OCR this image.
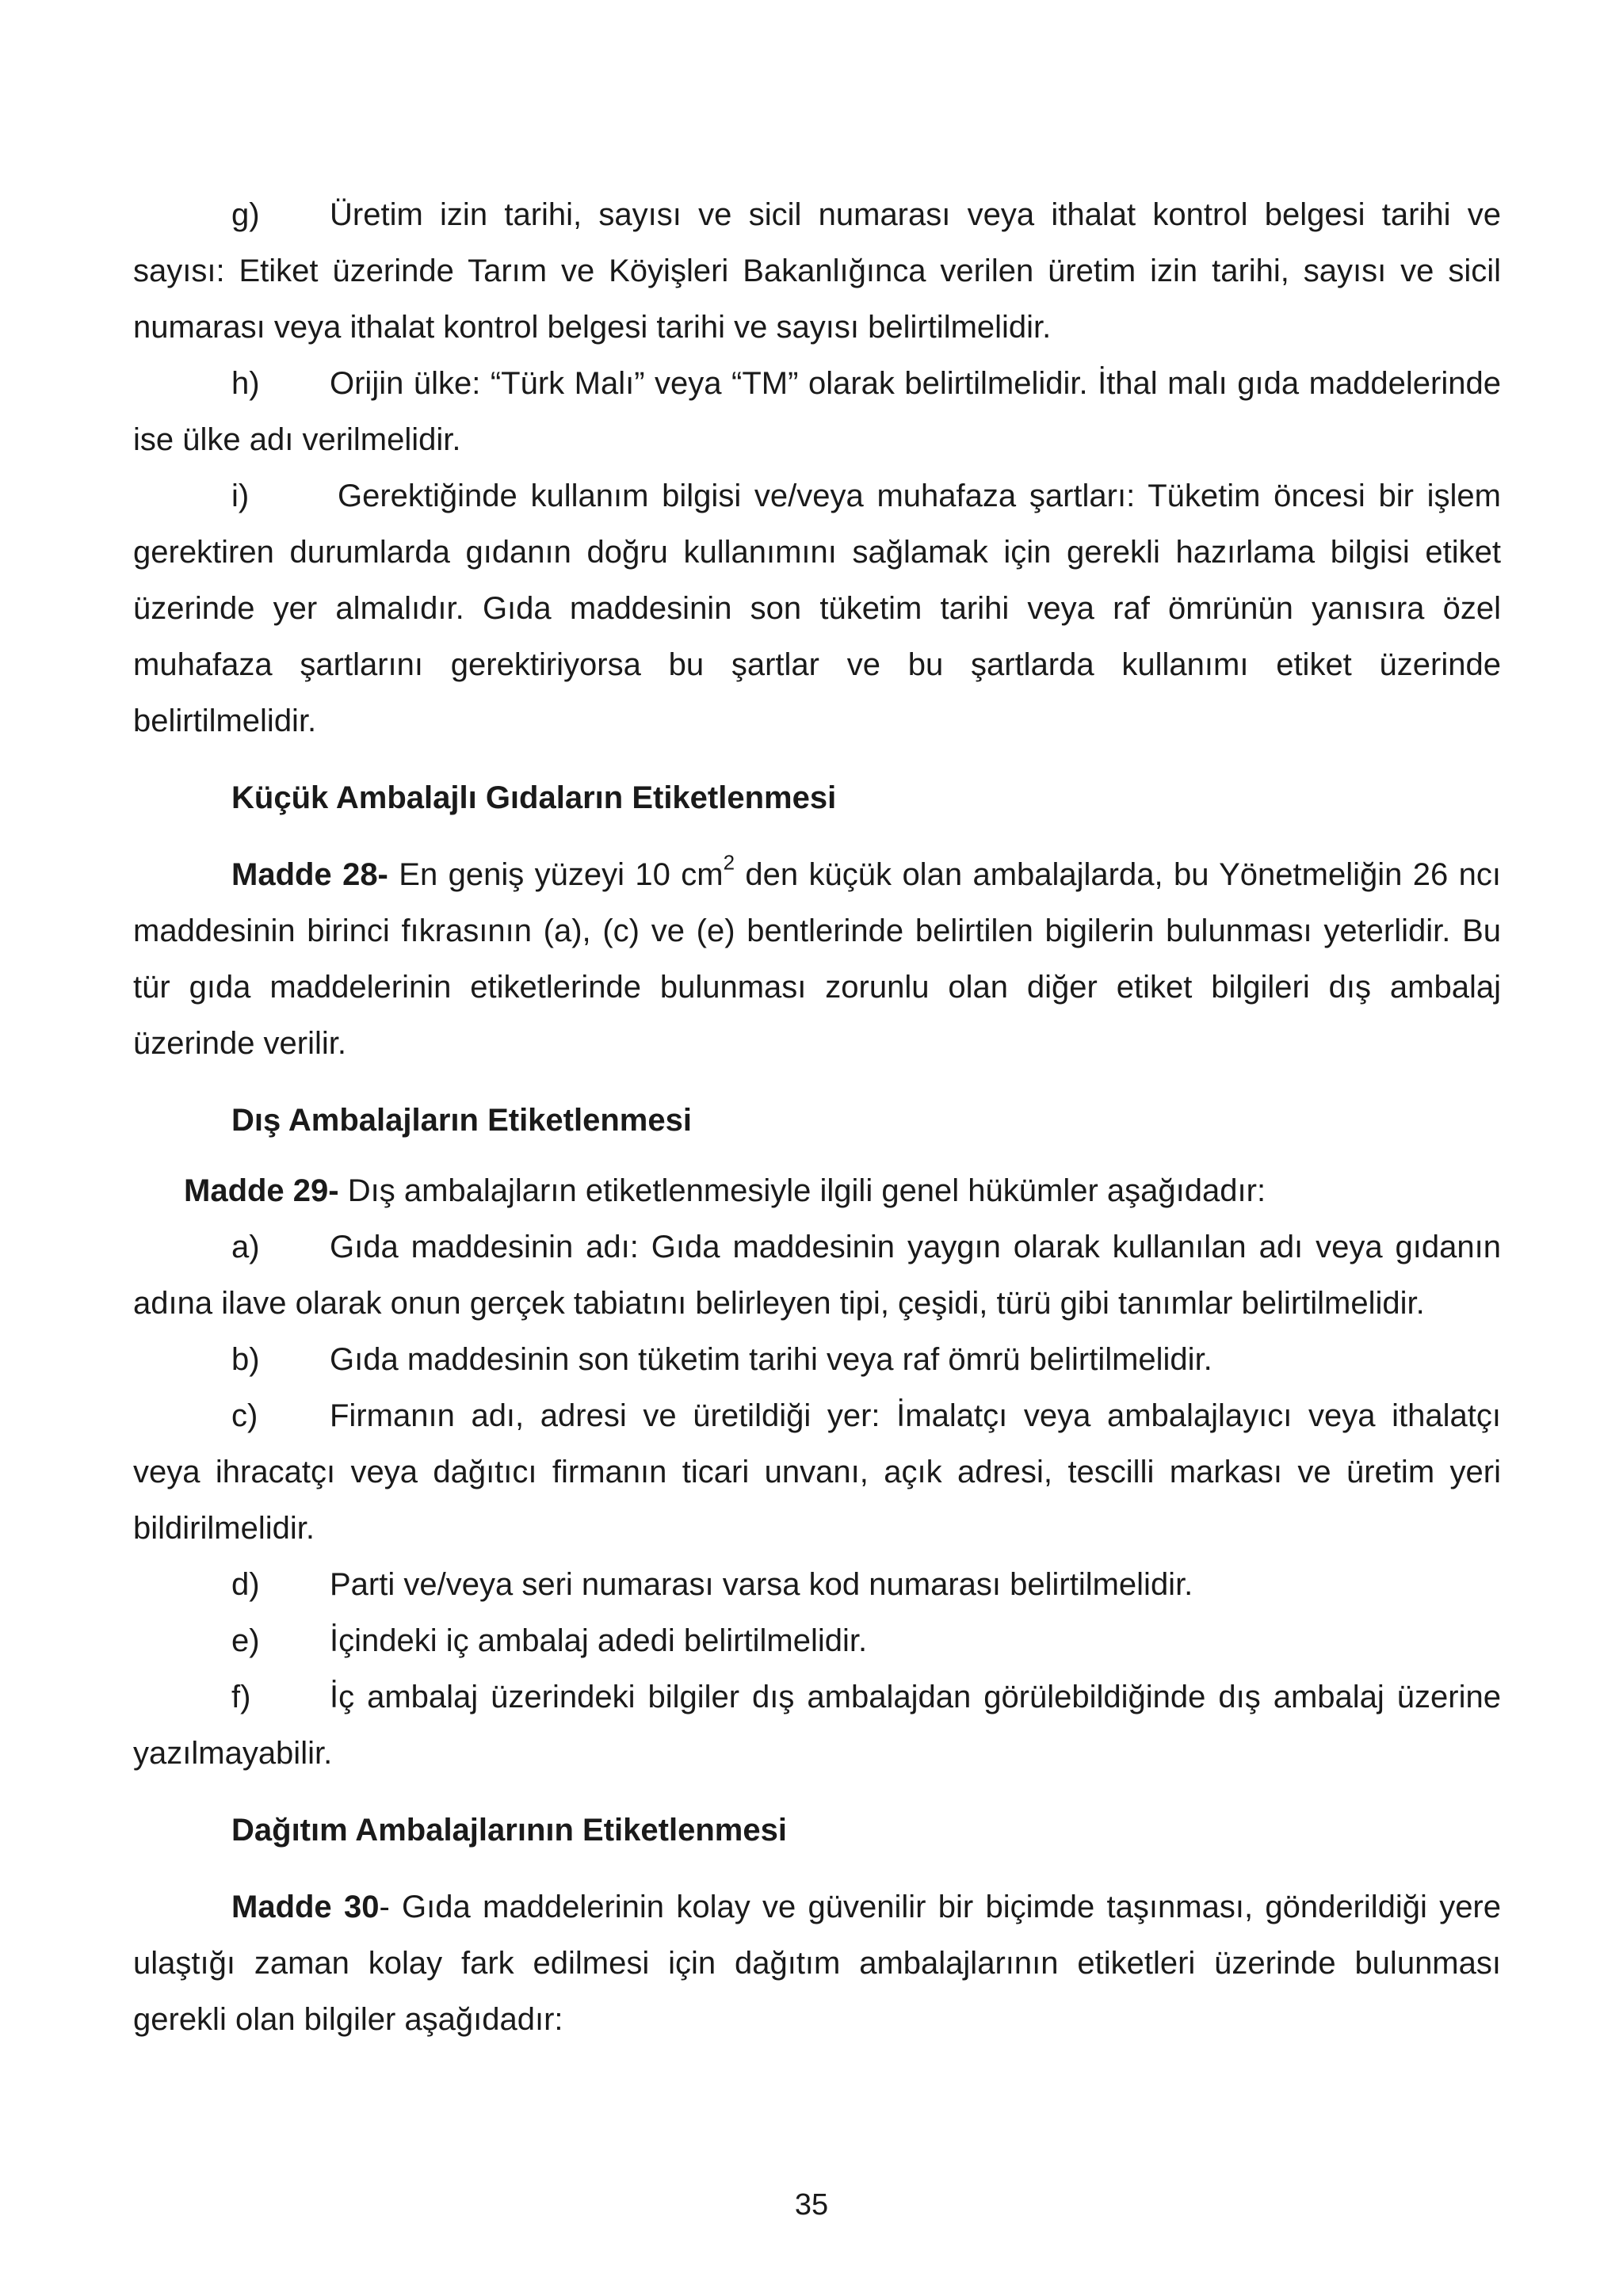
g) Üretim izin tarihi, sayısı ve sicil numarası veya ithalat kontrol belgesi tarihi ve sayısı: Etiket üzerinde Tarım ve Köyişleri Bakanlığınca verilen üretim izin tarihi, sayısı ve sicil numarası veya ithalat kontrol belgesi tarihi ve sayısı belirtilmelidir.

h) Orijin ülke: “Türk Malı” veya “TM” olarak belirtilmelidir. İthal malı gıda maddelerinde ise ülke adı verilmelidir.

i)	Gerektiğinde kullanım bilgisi ve/veya muhafaza şartları: Tüketim öncesi bir işlem gerektiren durumlarda gıdanın doğru kullanımını sağlamak için gerekli hazırlama bilgisi etiket üzerinde yer almalıdır. Gıda maddesinin son tüketim tarihi veya raf ömrünün yanısıra özel muhafaza şartlarını gerektiriyorsa bu şartlar ve bu şartlarda kullanımı etiket üzerinde belirtilmelidir.

Küçük Ambalajlı Gıdaların Etiketlenmesi

Madde 28- En geniş yüzeyi 10 $cm^2$ den küçük olan ambalajlarda, bu Yönetmeliğin 26 ncı maddesinin birinci fıkrasının (a), (c) ve (e) bentlerinde belirtilen bigilerin bulunması yeterlidir. Bu tür gıda maddelerinin etiketlerinde bulunması zorunlu olan diğer etiket bilgileri dış ambalaj üzerinde verilir.

Dış Ambalajların Etiketlenmesi

Madde 29- Dış ambalajların etiketlenmesiyle ilgili genel hükümler aşağıdadır:

a) Gıda maddesinin adı: Gıda maddesinin yaygın olarak kullanılan adı veya gıdanın adına ilave olarak onun gerçek tabiatını belirleyen tipi, çeşidi, türü gibi tanımlar belirtilmelidir.

b) Gıda maddesinin son tüketim tarihi veya raf ömrü belirtilmelidir.

c) Firmanın adı, adresi ve üretildiği yer: İmalatçı veya ambalajlayıcı veya ithalatçı veya ihracatçı veya dağıtıcı firmanın ticari unvanı, açık adresi, tescilli markası ve üretim yeri bildirilmelidir.

d) Parti ve/veya seri numarası varsa kod numarası belirtilmelidir.

e) İçindeki iç ambalaj adedi belirtilmelidir.

f) İç ambalaj üzerindeki bilgiler dış ambalajdan görülebildiğinde dış ambalaj üzerine yazılmayabilir.

Dağıtım Ambalajlarının Etiketlenmesi

Madde 30- Gıda maddelerinin kolay ve güvenilir bir biçimde taşınması, gönderildiği yere ulaştığı zaman kolay fark edilmesi için dağıtım ambalajlarının etiketleri üzerinde bulunması gerekli olan bilgiler aşağıdadır:

35
